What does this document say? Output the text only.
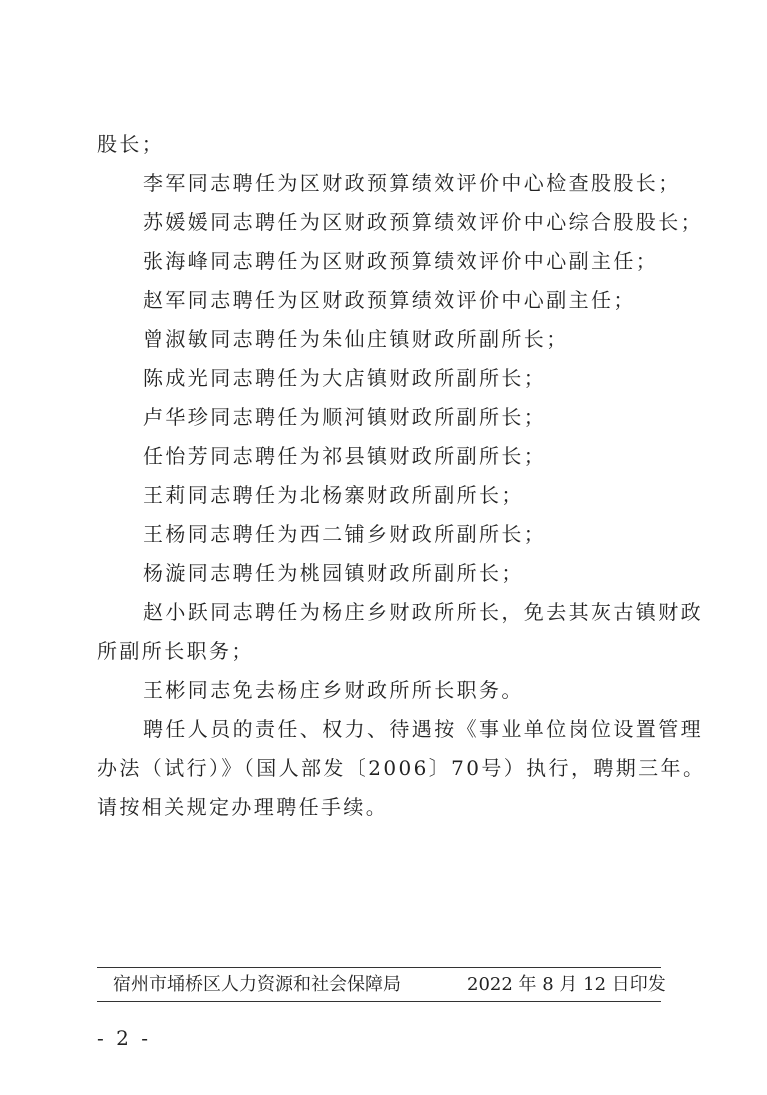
股长；
李军同志聘任为区财政预算绩效评价中心检查股股长；
苏媛媛同志聘任为区财政预算绩效评价中心综合股股长；
张海峰同志聘任为区财政预算绩效评价中心副主任；
赵军同志聘任为区财政预算绩效评价中心副主任；
曾淑敏同志聘任为朱仙庄镇财政所副所长；
陈成光同志聘任为大店镇财政所副所长；
卢华珍同志聘任为顺河镇财政所副所长；
任怡芳同志聘任为祁县镇财政所副所长；
王莉同志聘任为北杨寨财政所副所长；
王杨同志聘任为西二铺乡财政所副所长；
杨漩同志聘任为桃园镇财政所副所长；
赵小跃同志聘任为杨庄乡财政所所长，免去其灰古镇财政
所副所长职务；
王彬同志免去杨庄乡财政所所长职务。
聘任人员的责任、权力、待遇按《事业单位岗位设置管理
办法（试行）》（国人部发〔2006〕70号）执行，聘期三年。
请按相关规定办理聘任手续。
宿州市埇桥区人力资源和社会保障局	2022 年 8 月 12 日印发
- 2 -
